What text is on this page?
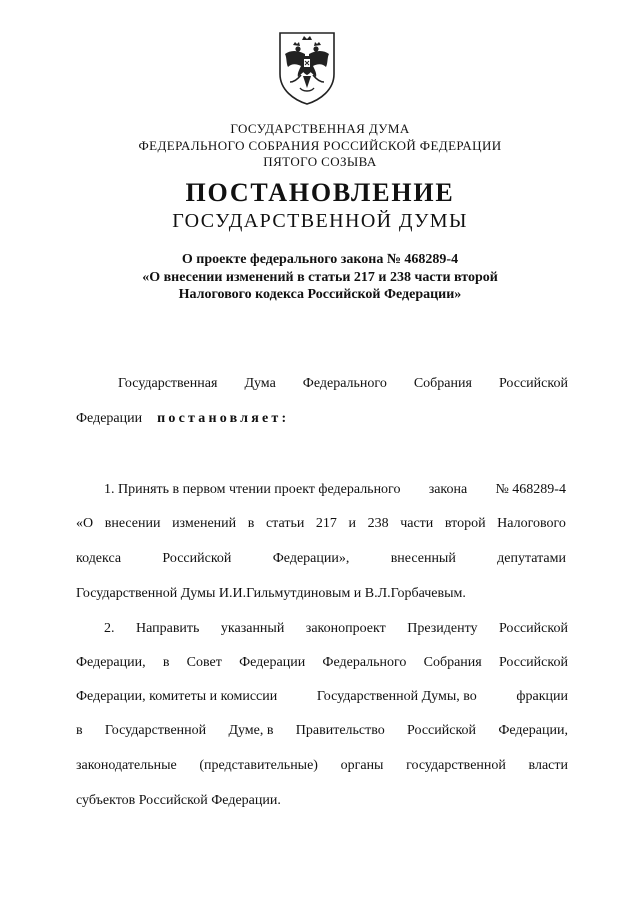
ГОСУДАРСТВЕННАЯ ДУМА
ФЕДЕРАЛЬНОГО СОБРАНИЯ РОССИЙСКОЙ ФЕДЕРАЦИИ
ПЯТОГО СОЗЫВА
ПОСТАНОВЛЕНИЕ
ГОСУДАРСТВЕННОЙ ДУМЫ
О проекте федерального закона № 468289-4
«О внесении изменений в статьи 217 и 238 части второй
Налогового кодекса Российской Федерации»
Государственная Дума Федерального Собрания Российской
Федерации постановляет:
1. Принять в первом чтении проект федерального закона № 468289-4
«О внесении изменений в статьи 217 и 238 части второй Налогового
кодекса	Российской	Федерации»,	внесенный	депутатами
Государственной Думы И.И.Гильмутдиновым и В.Л.Горбачевым.
2. Направить указанный законопроект Президенту Российской
Федерации, в Совет Федерации Федерального Собрания Российской
Федерации, комитеты и комиссии	Государственной Думы, во	фракции
в Государственной Думе, в Правительство Российской Федерации,
законодательные (представительные) органы государственной власти
субъектов Российской Федерации.
